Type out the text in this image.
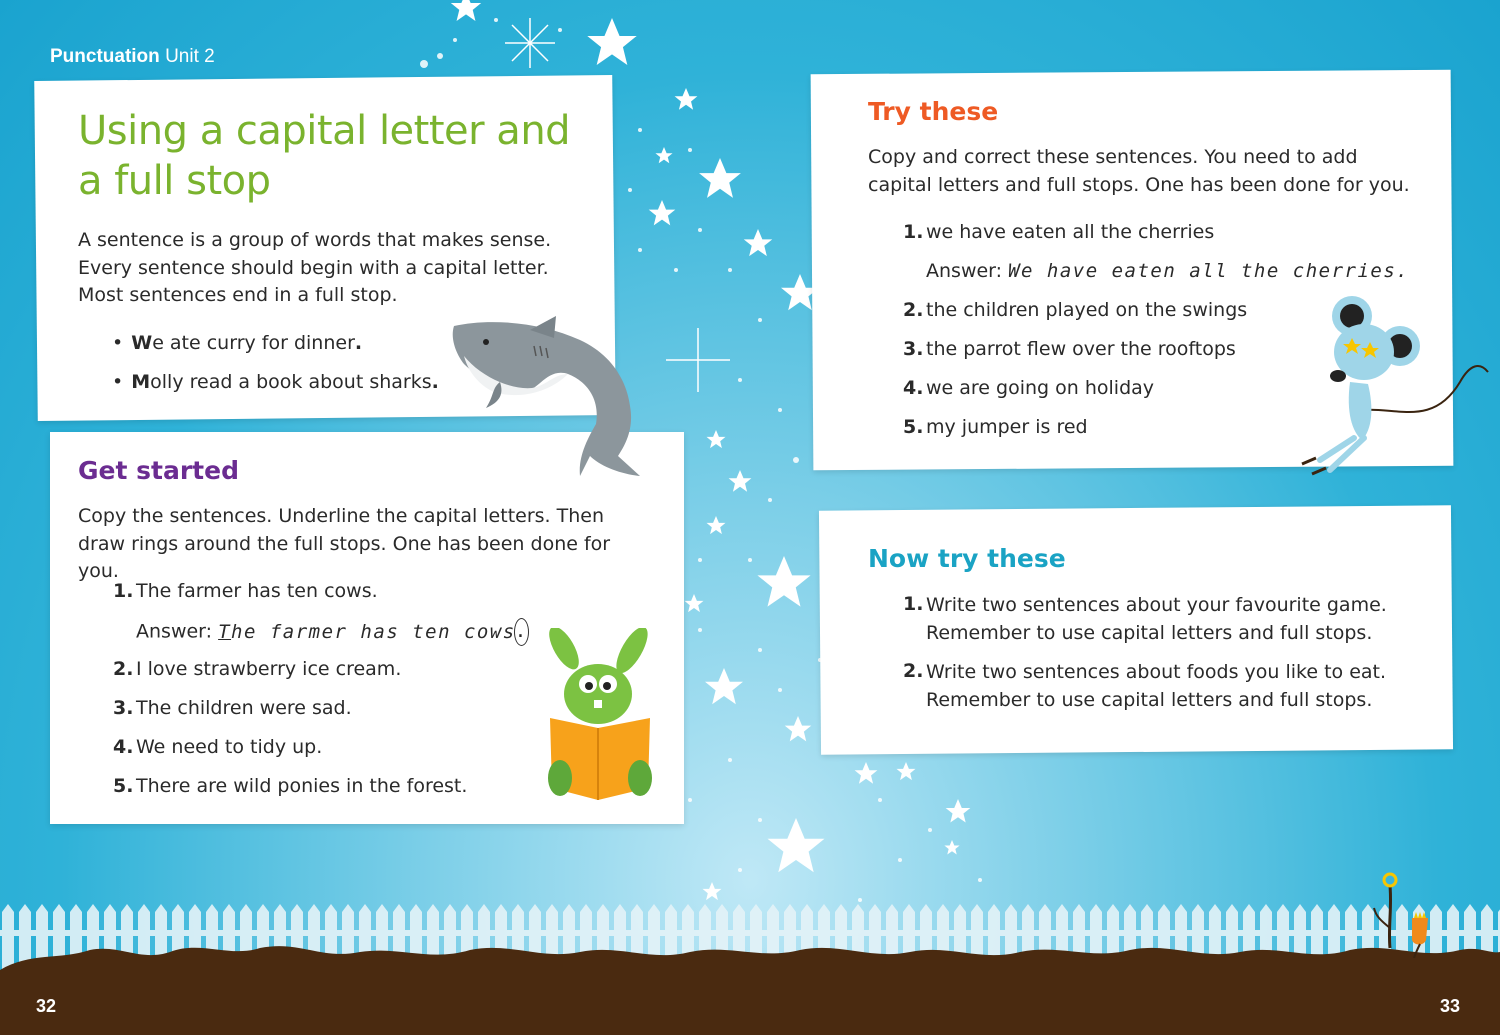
Punctuation Unit 2
Using a capital letter and a full stop
A sentence is a group of words that makes sense. Every sentence should begin with a capital letter. Most sentences end in a full stop.
• We ate curry for dinner.
• Molly read a book about sharks.
Get started
Copy the sentences. Underline the capital letters. Then draw rings around the full stops. One has been done for you.
1. The farmer has ten cows.
Answer: The farmer has ten cows.
2. I love strawberry ice cream.
3. The children were sad.
4. We need to tidy up.
5. There are wild ponies in the forest.
Try these
Copy and correct these sentences. You need to add capital letters and full stops. One has been done for you.
1. we have eaten all the cherries
Answer: We have eaten all the cherries.
2. the children played on the swings
3. the parrot flew over the rooftops
4. we are going on holiday
5. my jumper is red
Now try these
1. Write two sentences about your favourite game.
Remember to use capital letters and full stops.
2. Write two sentences about foods you like to eat.
Remember to use capital letters and full stops.
32	33
